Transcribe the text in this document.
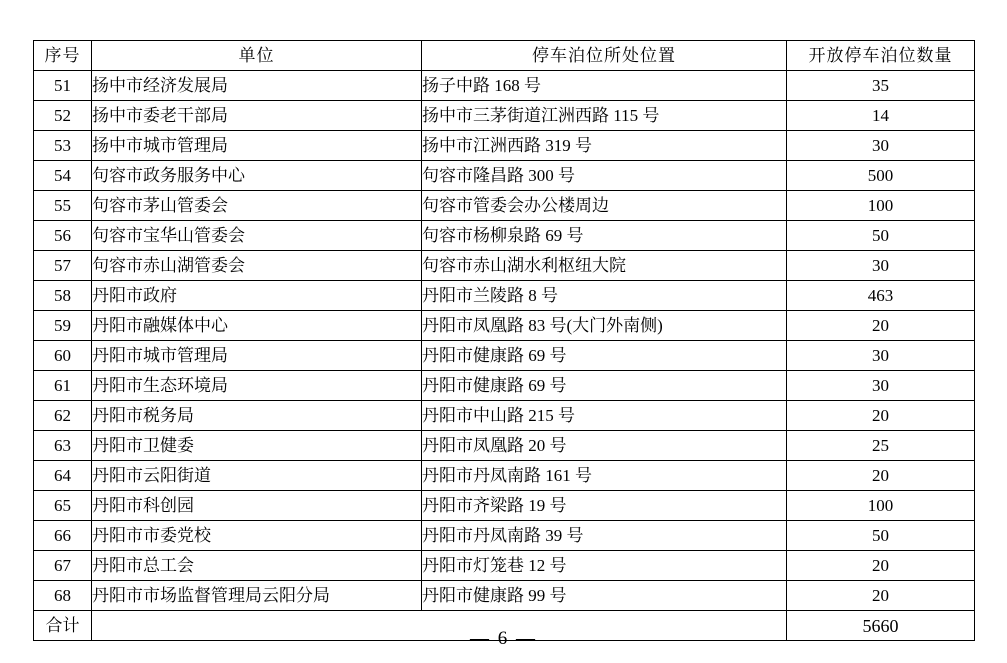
序号	单位	停车泊位所处位置	开放停车泊位数量
51	扬中市经济发展局	扬子中路 168 号	35
52	扬中市委老干部局	扬中市三茅街道江洲西路 115 号	14
53	扬中市城市管理局	扬中市江洲西路 319 号	30
54	句容市政务服务中心	句容市隆昌路 300 号	500
55	句容市茅山管委会	句容市管委会办公楼周边	100
56	句容市宝华山管委会	句容市杨柳泉路 69 号	50
57	句容市赤山湖管委会	句容市赤山湖水利枢纽大院	30
58	丹阳市政府	丹阳市兰陵路 8 号	463
59	丹阳市融媒体中心	丹阳市凤凰路 83 号(大门外南侧)	20
60	丹阳市城市管理局	丹阳市健康路 69 号	30
61	丹阳市生态环境局	丹阳市健康路 69 号	30
62	丹阳市税务局	丹阳市中山路 215 号	20
63	丹阳市卫健委	丹阳市凤凰路 20 号	25
64	丹阳市云阳街道	丹阳市丹凤南路 161 号	20
65	丹阳市科创园	丹阳市齐梁路 19 号	100
66	丹阳市市委党校	丹阳市丹凤南路 39 号	50
67	丹阳市总工会	丹阳市灯笼巷 12 号	20
68	丹阳市市场监督管理局云阳分局	丹阳市健康路 99 号	20
合计			5660
— 6 —
